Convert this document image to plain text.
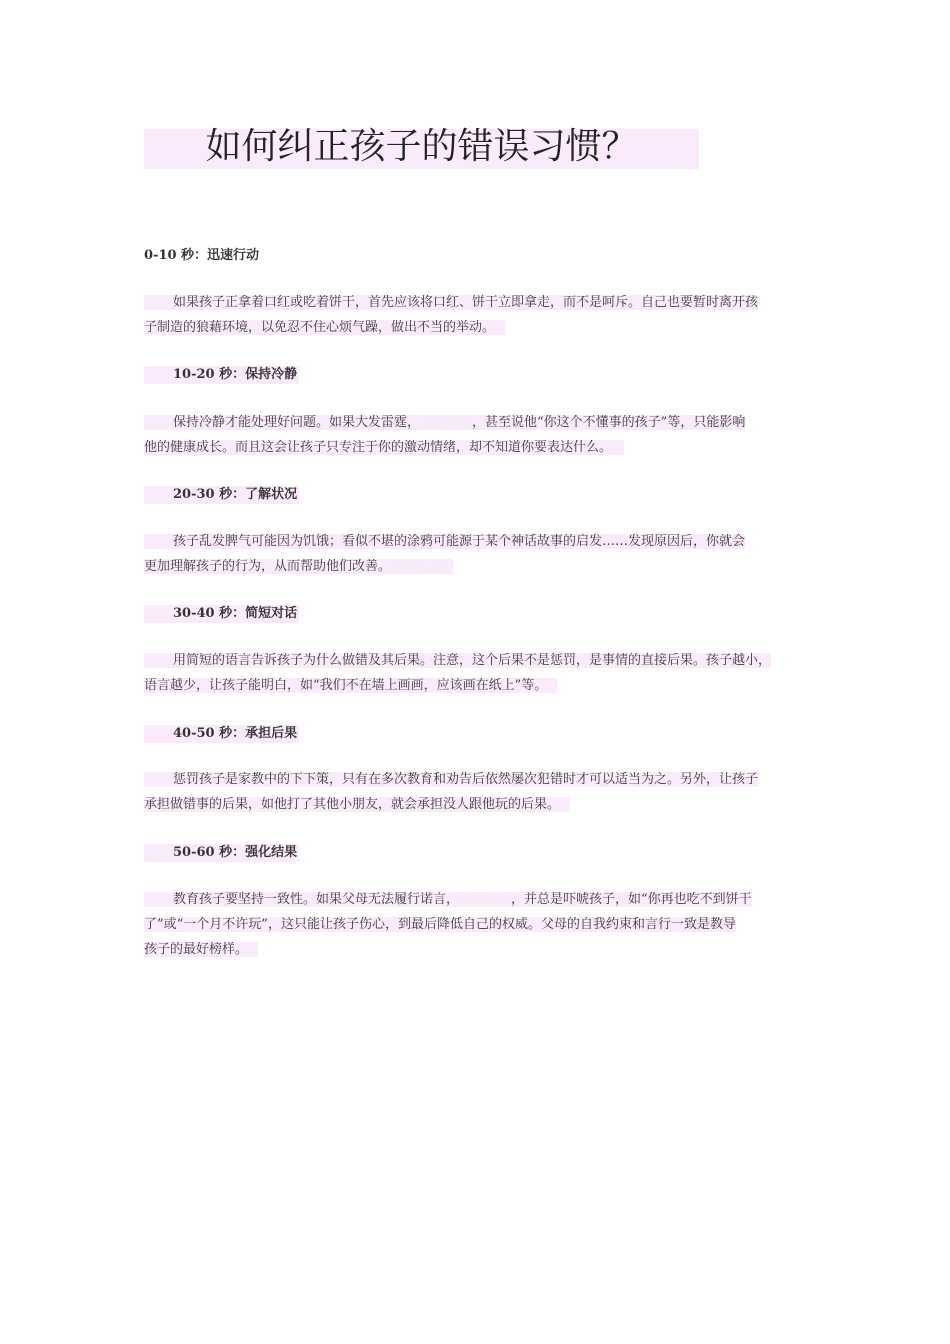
如何纠正孩子的错误习惯？
0-10 秒：迅速行动
如果孩子正拿着口红或吃着饼干，首先应该将口红、饼干立即拿走，而不是呵斥。自己也要暂时离开孩
子制造的狼藉环境，以免忍不住心烦气躁，做出不当的举动。
10-20 秒：保持冷静
保持冷静才能处理好问题。如果大发雷霆，大声训斥，甚至说他“你这个不懂事的孩子”等，只能影响
他的健康成长。而且这会让孩子只专注于你的激动情绪，却不知道你要表达什么。
20-30 秒：了解状况
孩子乱发脾气可能因为饥饿；看似不堪的涂鸦可能源于某个神话故事的启发……发现原因后，你就会
更加理解孩子的行为，从而帮助他们改善。不再训斥
30-40 秒：简短对话
用简短的语言告诉孩子为什么做错及其后果。注意，这个后果不是惩罚，是事情的直接后果。孩子越小，
语言越少，让孩子能明白，如“我们不在墙上画画，应该画在纸上”等。
40-50 秒：承担后果
惩罚孩子是家教中的下下策，只有在多次教育和劝告后依然屡次犯错时才可以适当为之。另外，让孩子
承担做错事的后果，如他打了其他小朋友，就会承担没人跟他玩的后果。
50-60 秒：强化结果
教育孩子要坚持一致性。如果父母无法履行诺言，说到做到，并总是吓唬孩子，如“你再也吃不到饼干
了”或“一个月不许玩”，这只能让孩子伤心，到最后降低自己的权威。父母的自我约束和言行一致是教导
孩子的最好榜样。
